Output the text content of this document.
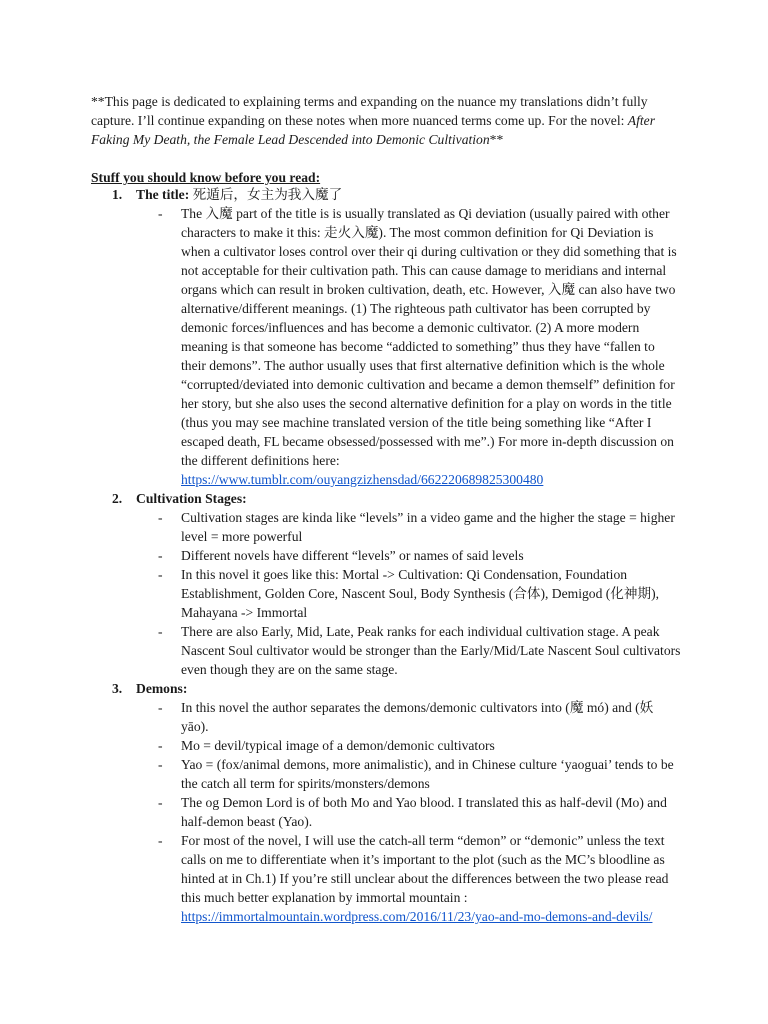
**This page is dedicated to explaining terms and expanding on the nuance my translations didn’t fully capture. I’ll continue expanding on these notes when more nuanced terms come up. For the novel: After Faking My Death, the Female Lead Descended into Demonic Cultivation**

Stuff you should know before you read:

1. The title: 死遁后，女主为我入魔了
- The 入魔 part of the title is is usually translated as Qi deviation (usually paired with other characters to make it this: 走火入魔). The most common definition for Qi Deviation is when a cultivator loses control over their qi during cultivation or they did something that is not acceptable for their cultivation path. This can cause damage to meridians and internal organs which can result in broken cultivation, death, etc. However, 入魔 can also have two alternative/different meanings. (1) The righteous path cultivator has been corrupted by demonic forces/influences and has become a demonic cultivator. (2) A more modern meaning is that someone has become “addicted to something” thus they have “fallen to their demons”. The author usually uses that first alternative definition which is the whole “corrupted/deviated into demonic cultivation and became a demon themself” definition for her story, but she also uses the second alternative definition for a play on words in the title (thus you may see machine translated version of the title being something like “After I escaped death, FL became obsessed/possessed with me”.) For more in-depth discussion on the different definitions here:
https://www.tumblr.com/ouyangzizhensdad/662220689825300480
2. Cultivation Stages:
- Cultivation stages are kinda like “levels” in a video game and the higher the stage = higher level = more powerful
- Different novels have different “levels” or names of said levels
- In this novel it goes like this: Mortal -> Cultivation: Qi Condensation, Foundation Establishment, Golden Core, Nascent Soul, Body Synthesis (合体), Demigod (化神期), Mahayana -> Immortal
- There are also Early, Mid, Late, Peak ranks for each individual cultivation stage. A peak Nascent Soul cultivator would be stronger than the Early/Mid/Late Nascent Soul cultivators even though they are on the same stage.
3. Demons:
- In this novel the author separates the demons/demonic cultivators into (魔 mó) and (妖 yāo).
- Mo = devil/typical image of a demon/demonic cultivators
- Yao = (fox/animal demons, more animalistic), and in Chinese culture ‘yaoguai’ tends to be the catch all term for spirits/monsters/demons
- The og Demon Lord is of both Mo and Yao blood. I translated this as half-devil (Mo) and half-demon beast (Yao).
- For most of the novel, I will use the catch-all term “demon” or “demonic” unless the text calls on me to differentiate when it’s important to the plot (such as the MC’s bloodline as hinted at in Ch.1) If you’re still unclear about the differences between the two please read this much better explanation by immortal mountain :
https://immortalmountain.wordpress.com/2016/11/23/yao-and-mo-demons-and-devils/
